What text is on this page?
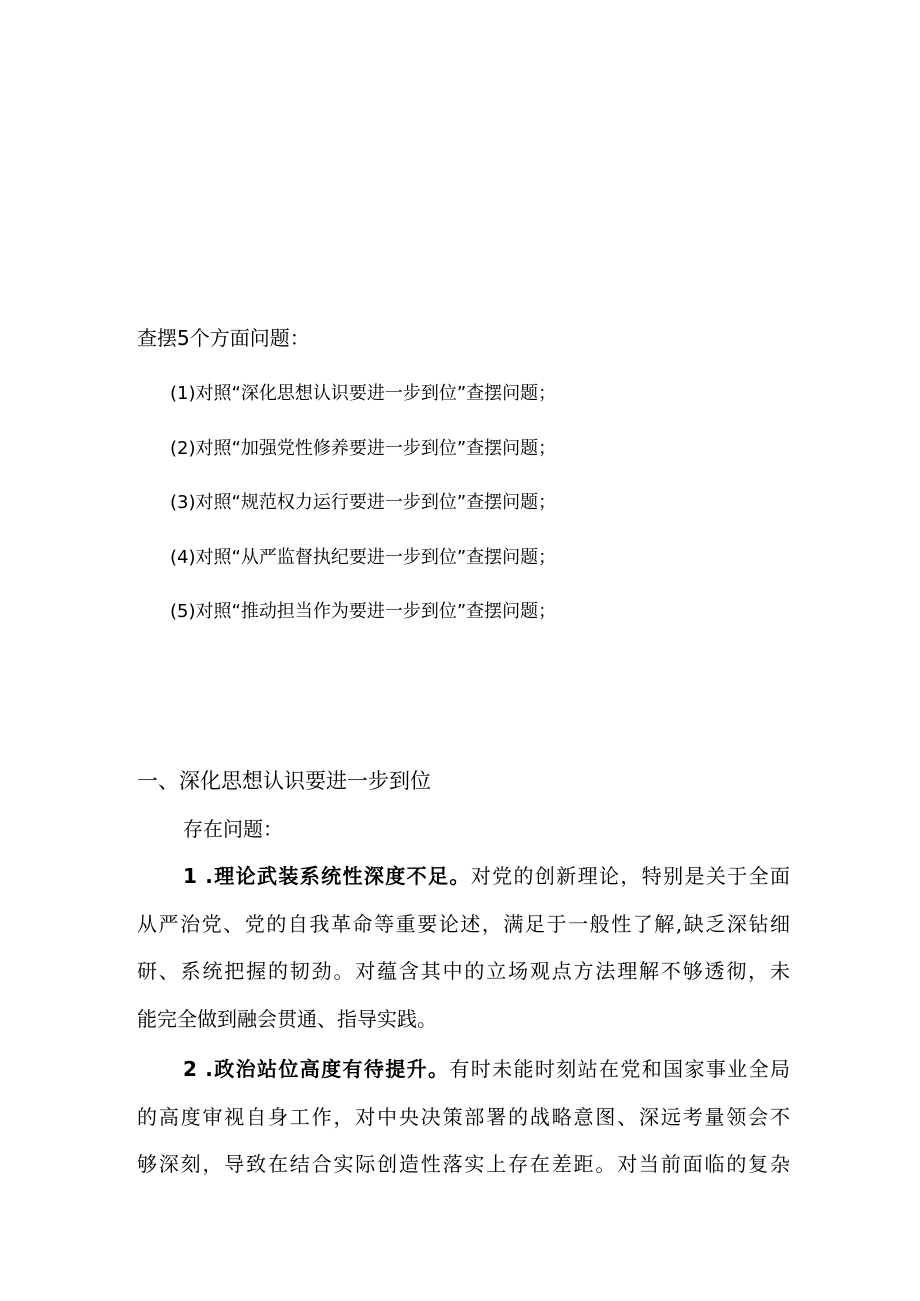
查摆5个方面问题：
(1)对照“深化思想认识要进一步到位”查摆问题；
(2)对照“加强党性修养要进一步到位”查摆问题；
(3)对照“规范权力运行要进一步到位”查摆问题；
(4)对照“从严监督执纪要进一步到位”查摆问题；
(5)对照“推动担当作为要进一步到位”查摆问题；
一、深化思想认识要进一步到位
存在问题：
1 .理论武装系统性深度不足。对党的创新理论，特别是关于全面
从严治党、党的自我革命等重要论述，满足于一般性了解,缺乏深钻细
研、系统把握的韧劲。对蕴含其中的立场观点方法理解不够透彻，未
能完全做到融会贯通、指导实践。
2 .政治站位高度有待提升。有时未能时刻站在党和国家事业全局
的高度审视自身工作，对中央决策部署的战略意图、深远考量领会不
够深刻，导致在结合实际创造性落实上存在差距。对当前面临的复杂
